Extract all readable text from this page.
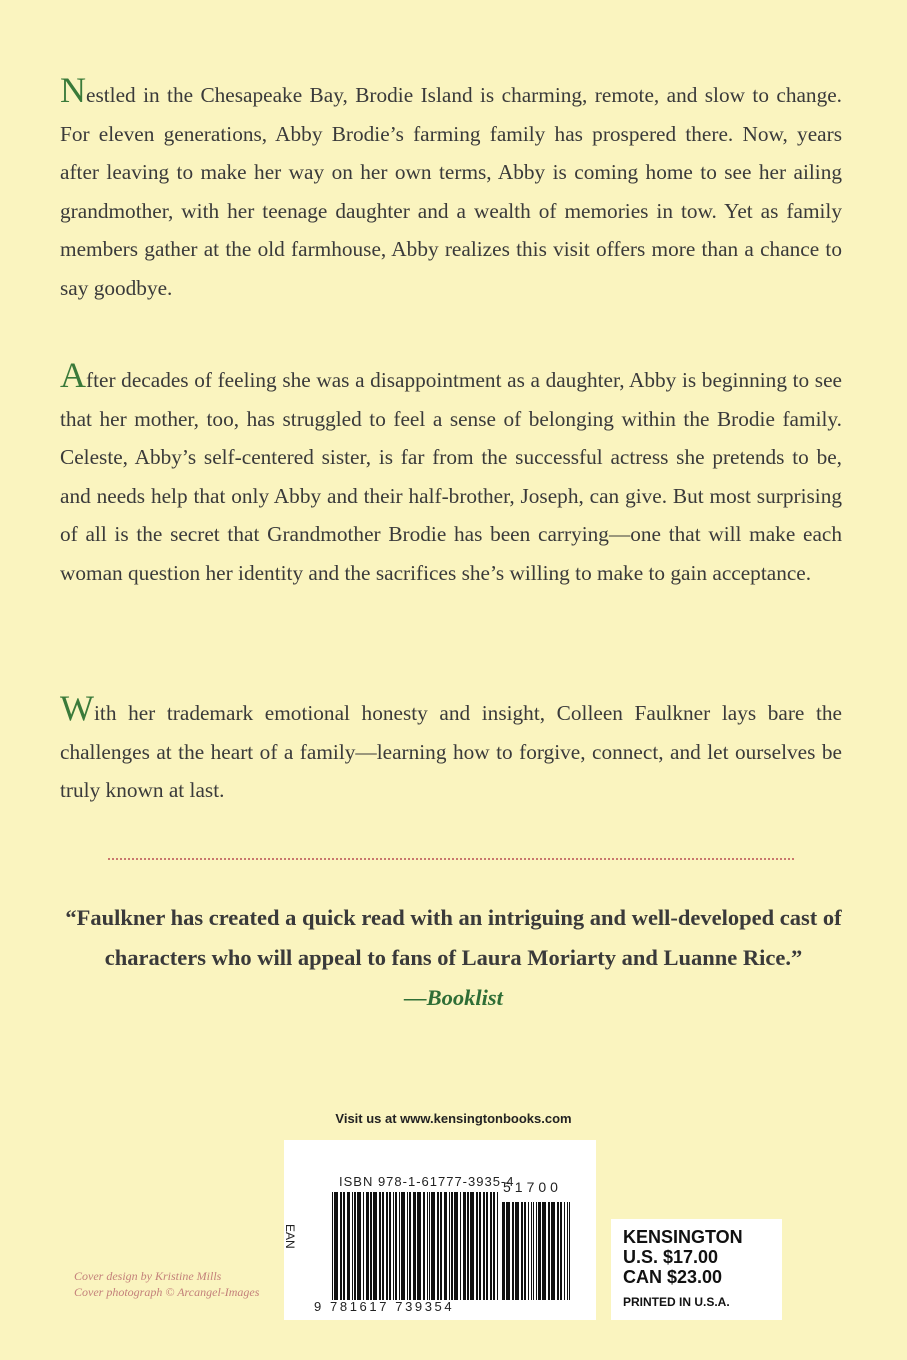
Nestled in the Chesapeake Bay, Brodie Island is charming, remote, and slow to change. For eleven generations, Abby Brodie’s farming family has prospered there. Now, years after leaving to make her way on her own terms, Abby is coming home to see her ailing grandmother, with her teenage daughter and a wealth of memories in tow. Yet as family members gather at the old farmhouse, Abby realizes this visit offers more than a chance to say goodbye.

After decades of feeling she was a disappointment as a daughter, Abby is beginning to see that her mother, too, has struggled to feel a sense of belonging within the Brodie family. Celeste, Abby’s self-centered sister, is far from the successful actress she pretends to be, and needs help that only Abby and their half-brother, Joseph, can give. But most surprising of all is the secret that Grandmother Brodie has been carrying—one that will make each woman question her identity and the sacrifices she’s willing to make to gain acceptance.

With her trademark emotional honesty and insight, Colleen Faulkner lays bare the challenges at the heart of a family—learning how to forgive, connect, and let ourselves be truly known at last.

“Faulkner has created a quick read with an intriguing and well-developed cast of characters who will appeal to fans of Laura Moriarty and Luanne Rice.”
—Booklist
Visit us at www.kensingtonbooks.com
ISBN 978-1-61777-3935-4
EAN
51700
9 781617 739354
KENSINGTON
U.S. $17.00
CAN $23.00
PRINTED IN U.S.A.
Cover design by Kristine Mills
Cover photograph © Arcangel-Images
